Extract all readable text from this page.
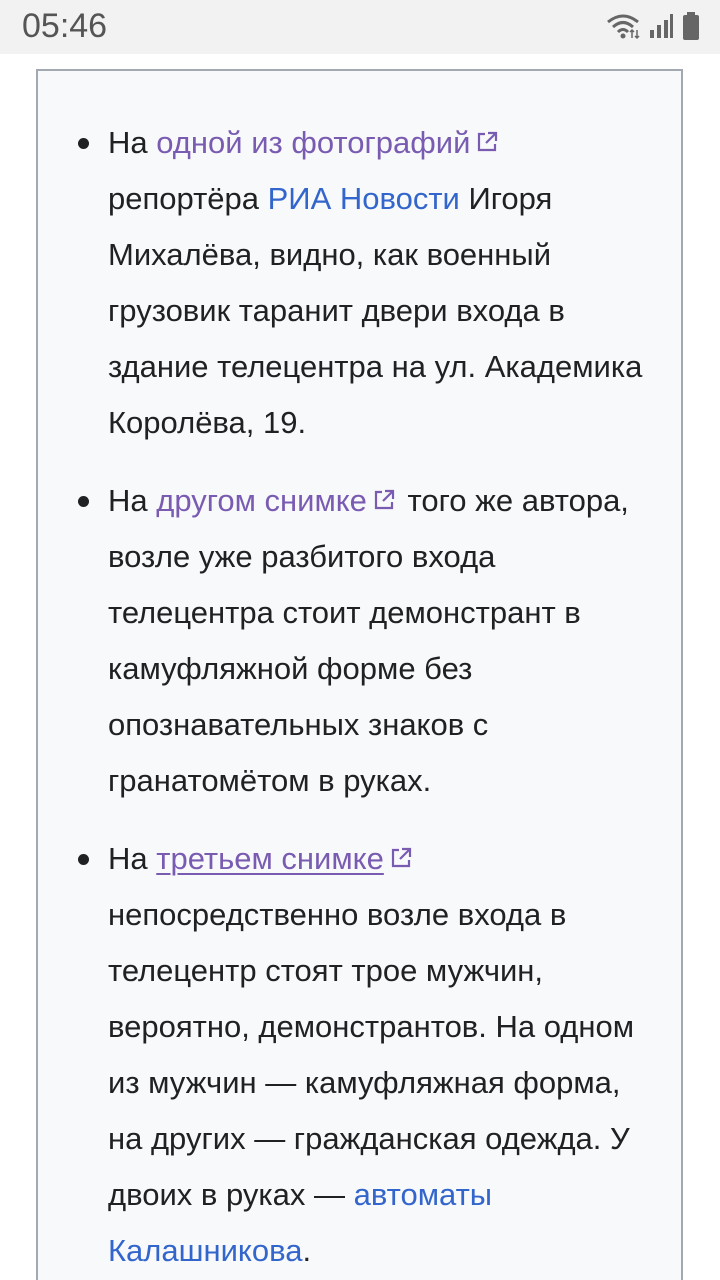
05:46
На одной из фотографий репортёра РИА Новости Игоря Михалёва, видно, как военный грузовик таранит двери входа в здание телецентра на ул. Академика Королёва, 19.
На другом снимке того же автора, возле уже разбитого входа телецентра стоит демонстрант в камуфляжной форме без опознавательных знаков с гранатомётом в руках.
На третьем снимке непосредственно возле входа в телецентр стоят трое мужчин, вероятно, демонстрантов. На одном из мужчин — камуфляжная форма, на других — гражданская одежда. У двоих в руках — автоматы Калашникова.
